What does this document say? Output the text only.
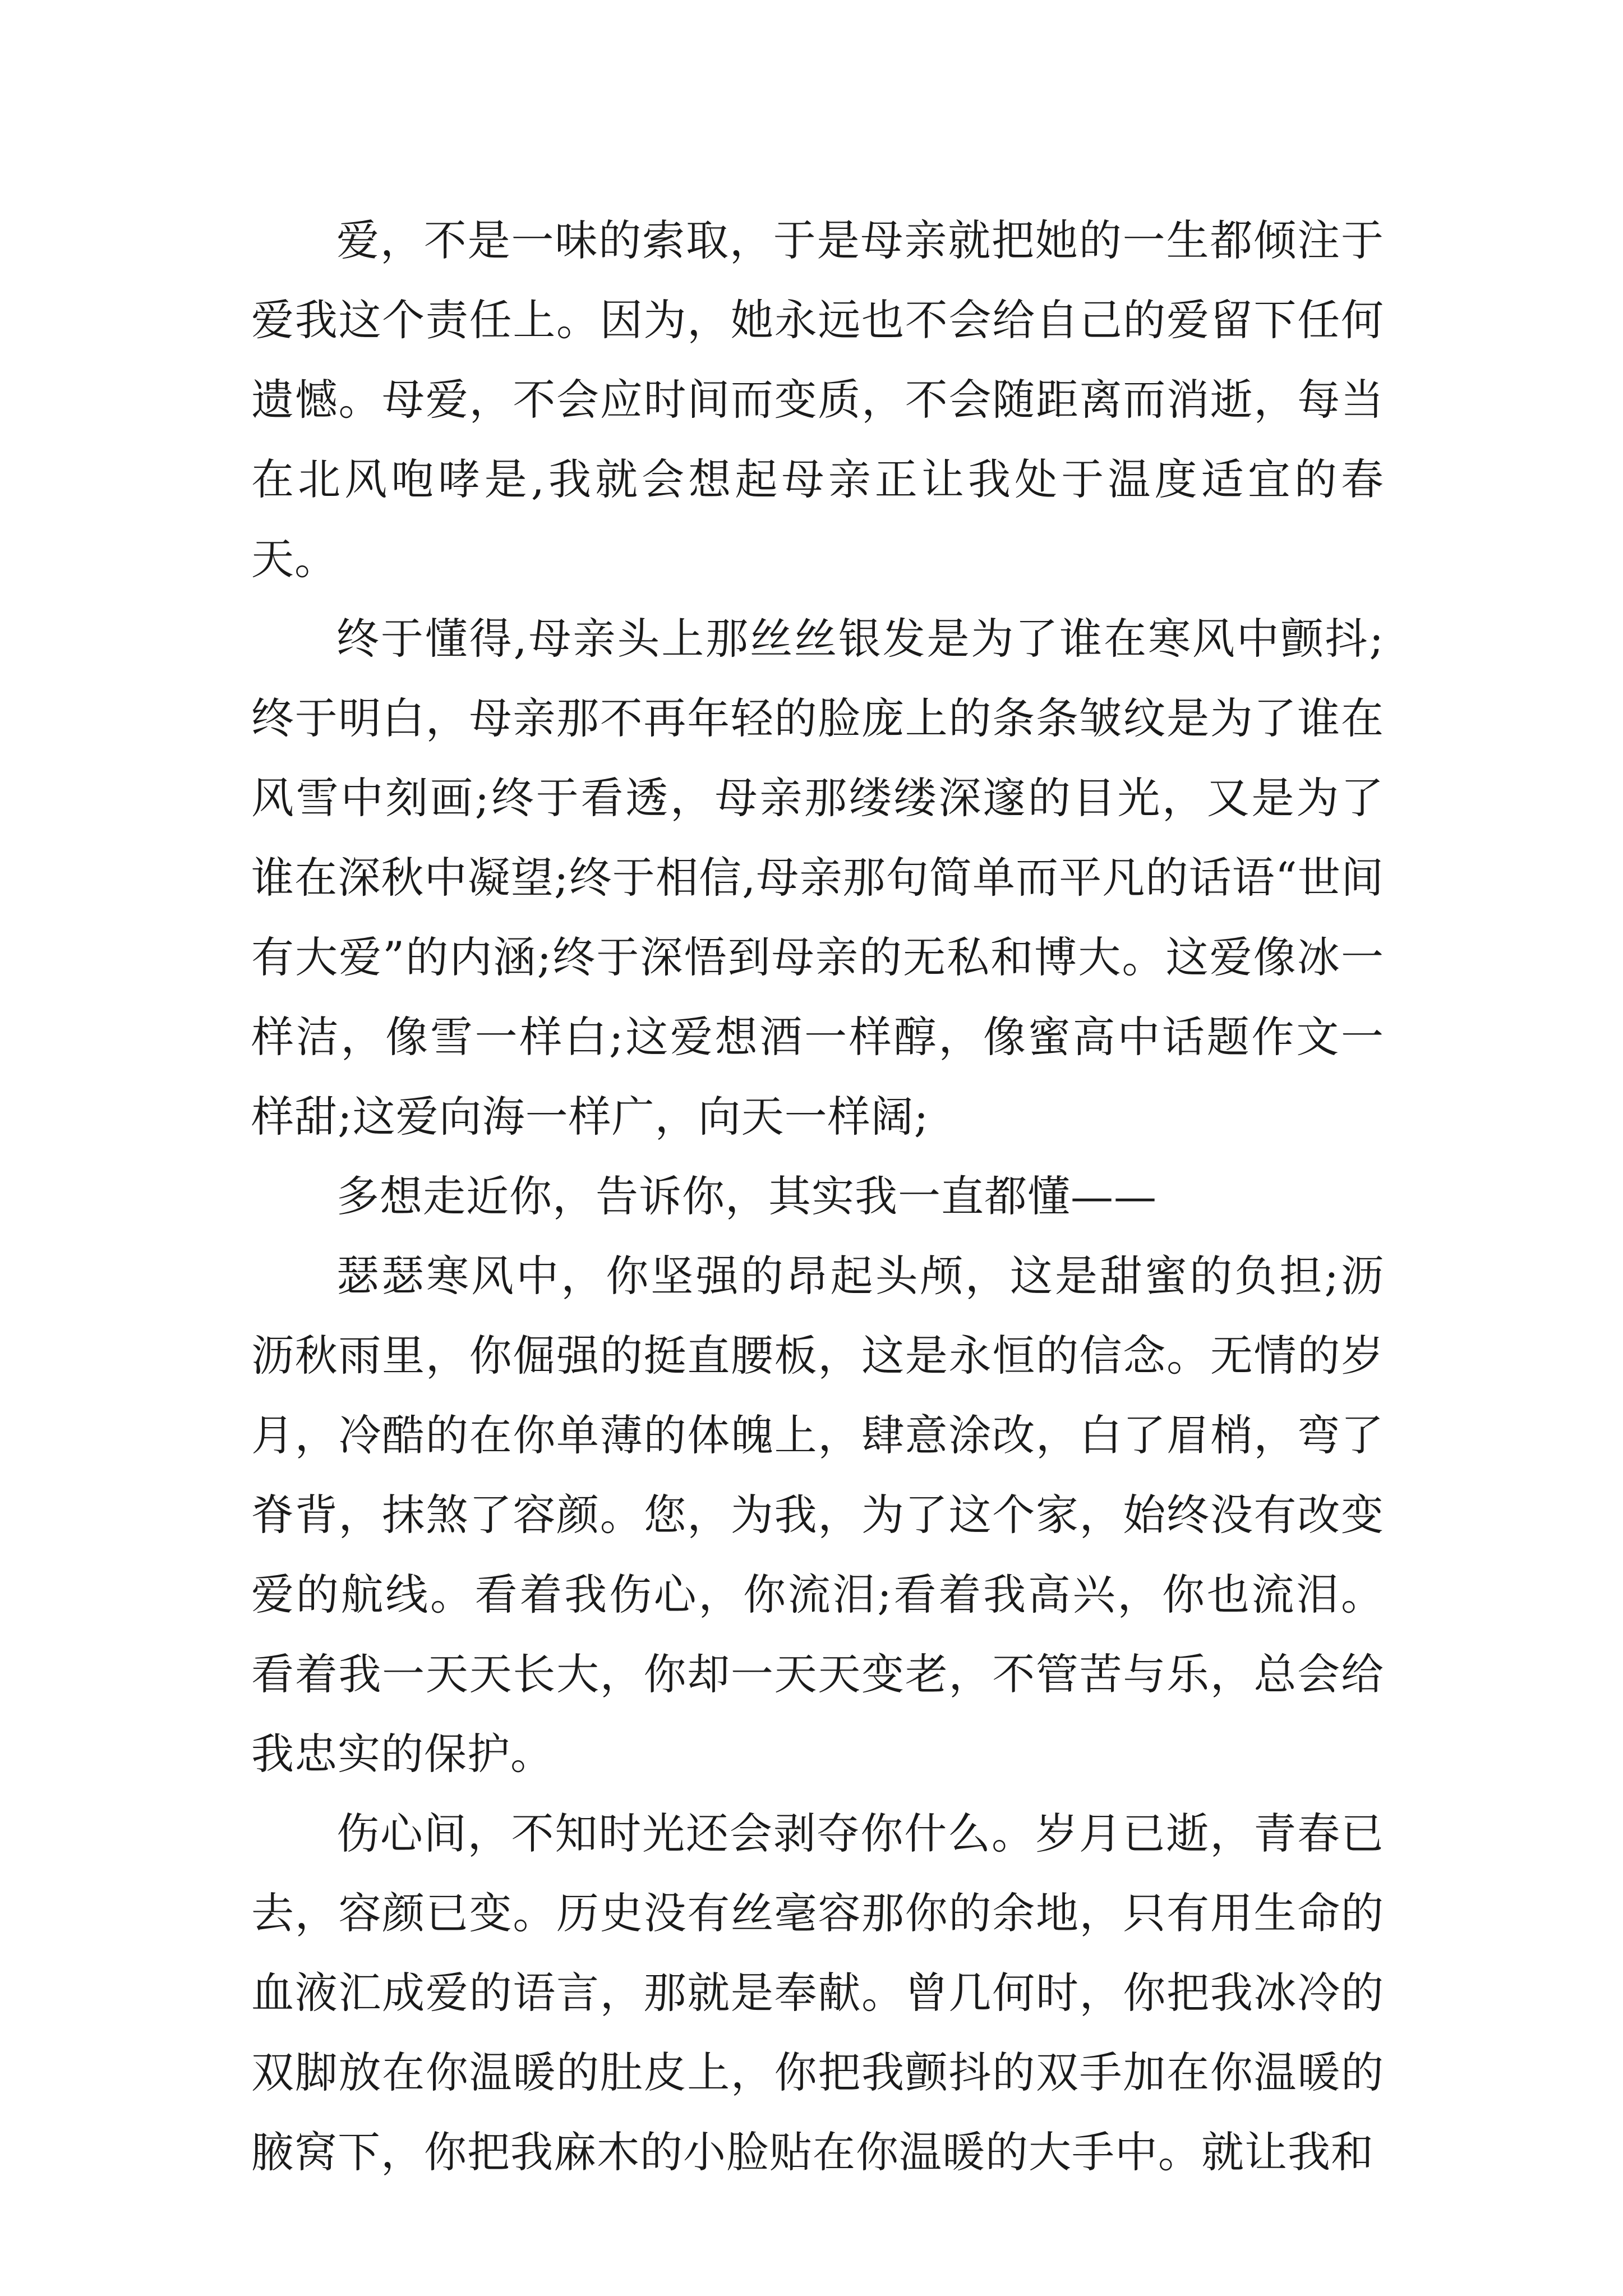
爱，不是一味的索取，于是母亲就把她的一生都倾注于爱我这个责任上。因为，她永远也不会给自己的爱留下任何遗憾。母爱，不会应时间而变质，不会随距离而消逝，每当在北风咆哮是,我就会想起母亲正让我处于温度适宜的春天。

终于懂得,母亲头上那丝丝银发是为了谁在寒风中颤抖;终于明白，母亲那不再年轻的脸庞上的条条皱纹是为了谁在风雪中刻画;终于看透，母亲那缕缕深邃的目光，又是为了谁在深秋中凝望;终于相信,母亲那句简单而平凡的话语“世间有大爱”的内涵;终于深悟到母亲的无私和博大。这爱像冰一样洁，像雪一样白;这爱想酒一样醇，像蜜高中话题作文一样甜;这爱向海一样广，向天一样阔;

多想走近你，告诉你，其实我一直都懂——

瑟瑟寒风中，你坚强的昂起头颅，这是甜蜜的负担;沥沥秋雨里，你倔强的挺直腰板，这是永恒的信念。无情的岁月，冷酷的在你单薄的体魄上，肆意涂改，白了眉梢，弯了脊背，抹煞了容颜。您，为我，为了这个家，始终没有改变爱的航线。看着我伤心，你流泪;看着我高兴，你也流泪。看着我一天天长大，你却一天天变老，不管苦与乐，总会给我忠实的保护。

伤心间，不知时光还会剥夺你什么。岁月已逝，青春已去，容颜已变。历史没有丝毫容那你的余地，只有用生命的血液汇成爱的语言，那就是奉献。曾几何时，你把我冰冷的双脚放在你温暖的肚皮上，你把我颤抖的双手加在你温暖的腋窝下，你把我麻木的小脸贴在你温暖的大手中。就让我和
